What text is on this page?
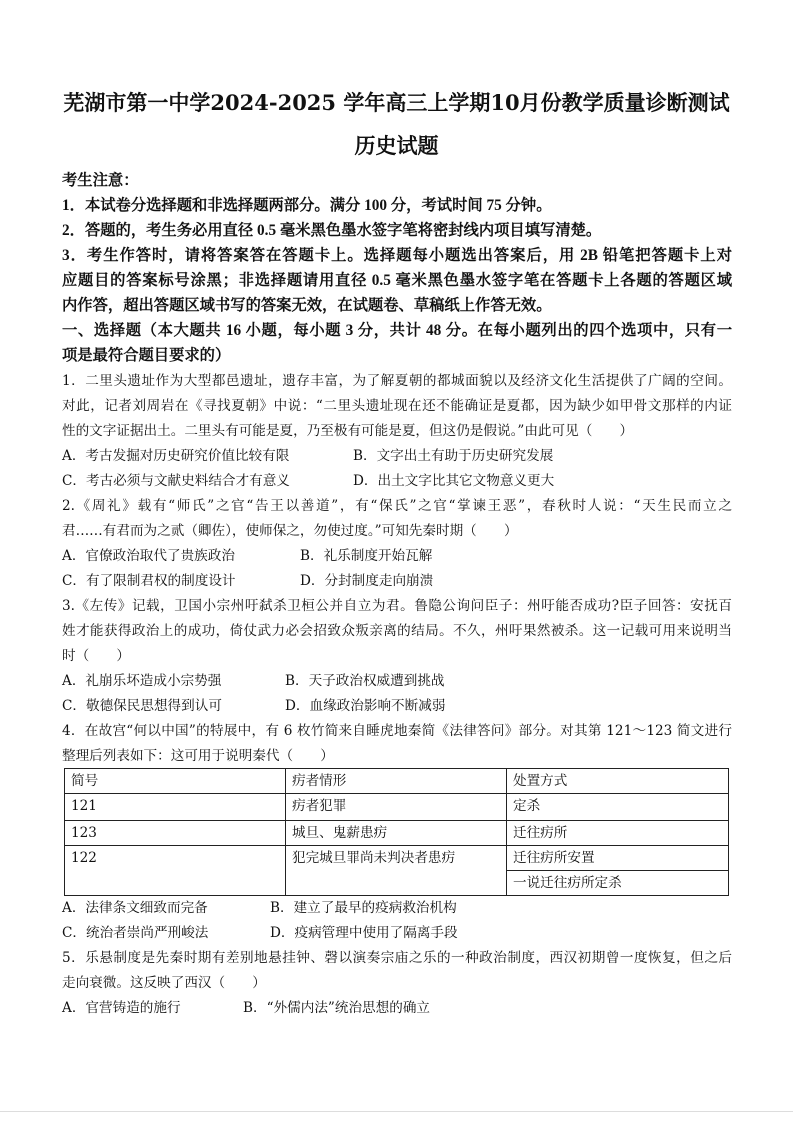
芜湖市第一中学2024-2025 学年高三上学期10月份教学质量诊断测试
历史试题
考生注意：
1．本试卷分选择题和非选择题两部分。满分 100 分，考试时间 75 分钟。
2．答题的，考生务必用直径 0.5 毫米黑色墨水签字笔将密封线内项目填写清楚。
3．考生作答时，请将答案答在答题卡上。选择题每小题选出答案后，用 2B 铅笔把答题卡上对
应题目的答案标号涂黑；非选择题请用直径 0.5 毫米黑色墨水签字笔在答题卡上各题的答题区域
内作答，超出答题区域书写的答案无效，在试题卷、草稿纸上作答无效。
一、选择题（本大题共 16 小题，每小题 3 分，共计 48 分。在每小题列出的四个选项中，只有一
项是最符合题目要求的）
1．二里头遗址作为大型都邑遗址，遗存丰富，为了解夏朝的都城面貌以及经济文化生活提供了广阔的空间。
对此，记者刘周岩在《寻找夏朝》中说：“二里头遗址现在还不能确证是夏都，因为缺少如甲骨文那样的内证
性的文字证据出土。二里头有可能是夏，乃至极有可能是夏，但这仍是假说。”由此可见（　　）
A．考古发掘对历史研究价值比较有限	B．文字出土有助于历史研究发展
C．考古必须与文献史料结合才有意义	D．出土文字比其它文物意义更大
2.《周礼》载有“师氏”之官“告王以善道”，有“保氏”之官“掌谏王恶”，春秋时人说：“天生民而立之
君……有君而为之贰（卿佐），使师保之，勿使过度。”可知先秦时期（　　）
A．官僚政治取代了贵族政治	B．礼乐制度开始瓦解
C．有了限制君权的制度设计	D．分封制度走向崩溃
3.《左传》记载，卫国小宗州吁弑杀卫桓公并自立为君。鲁隐公询问臣子：州吁能否成功?臣子回答：安抚百
姓才能获得政治上的成功，倚仗武力必会招致众叛亲离的结局。不久，州吁果然被杀。这一记载可用来说明当
时（　　）
A．礼崩乐坏造成小宗势强	B．天子政治权威遭到挑战
C．敬德保民思想得到认可	D．血缘政治影响不断减弱
4．在故宫“何以中国”的特展中，有 6 枚竹简来自睡虎地秦简《法律答问》部分。对其第 121～123 简文进行
整理后列表如下：这可用于说明秦代（　　）
简号	疠者情形	处置方式
121	疠者犯罪	定杀
123	城旦、鬼薪患疠	迁往疠所
122	犯完城旦罪尚未判决者患疠	迁往疠所安置
		一说迁往疠所定杀
A．法律条文细致而完备	B．建立了最早的疫病救治机构
C．统治者崇尚严刑峻法	D．疫病管理中使用了隔离手段
5．乐悬制度是先秦时期有差别地悬挂钟、磬以演奏宗庙之乐的一种政治制度，西汉初期曾一度恢复，但之后
走向衰微。这反映了西汉（　　）
A．官营铸造的施行	B．“外儒内法”统治思想的确立
